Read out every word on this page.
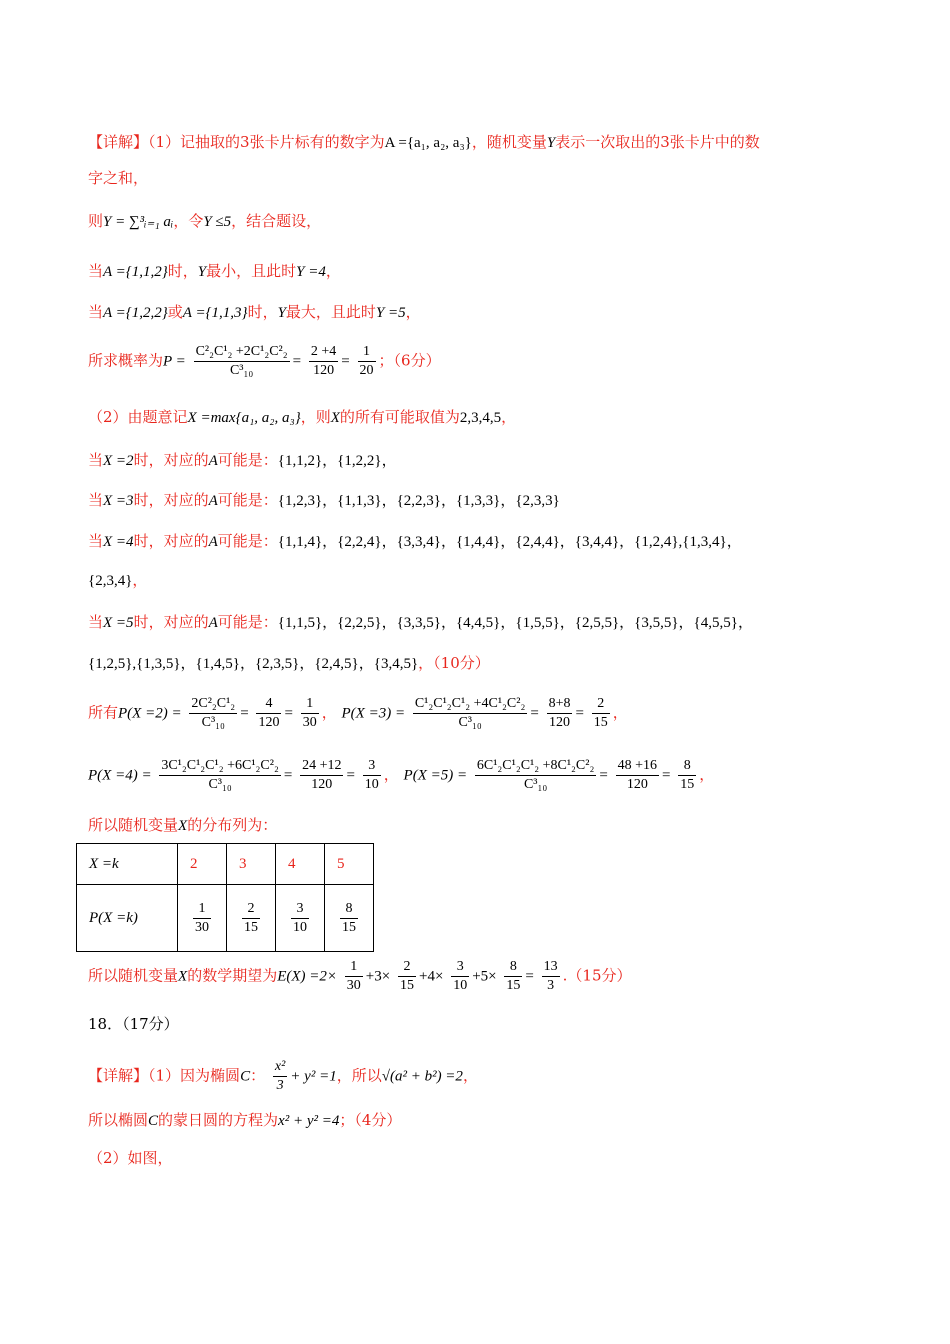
【详解】（1）记抽取的3张卡片标有的数字为A ={a₁, a₂, a₃}，随机变量Y表示一次取出的3张卡片中的数
字之和，
则Y = ∑³ᵢ₌₁ aᵢ，令Y ≤5，结合题设，
当A ={1,1,2}时，Y最小，且此时Y =4，
当A ={1,2,2}或A ={1,1,3}时，Y最大，且此时Y =5，
所求概率为$P = \frac{\text{C²₂C¹₂ +2C¹₂C²₂}}{\text{C³₁₀}} = \frac{2 +4}{120} = \frac{1}{20}$ ；（6分）
（2）由题意记X =max{a₁, a₂, a₃}，则X的所有可能取值为2,3,4,5，
当X =2时，对应的A可能是：{1,1,2}，{1,2,2}，
当X =3时，对应的A可能是：{1,2,3}，{1,1,3}，{2,2,3}，{1,3,3}，{2,3,3}
当X =4时，对应的A可能是：{1,1,4}，{2,2,4}，{3,3,4}，{1,4,4}，{2,4,4}，{3,4,4}，{1,2,4},{1,3,4}，
{2,3,4}，
当X =5时，对应的A可能是：{1,1,5}，{2,2,5}，{3,3,5}，{4,4,5}，{1,5,5}，{2,5,5}，{3,5,5}，{4,5,5}，
{1,2,5},{1,3,5}，{1,4,5}，{2,3,5}，{2,4,5}，{3,4,5}，（10分）
所有$P(X =2) = \frac{\text{2C²₂C¹₂}}{\text{C³₁₀}} = \frac{4}{120} = \frac{1}{30}$ ， $P(X =3) = \frac{\text{C¹₂C¹₂C¹₂ +4C¹₂C²₂}}{\text{C³₁₀}} = \frac{8+8}{120} = \frac{2}{15}$ ，
$P(X =4) = \frac{\text{3C¹₂C¹₂C¹₂ +6C¹₂C²₂}}{\text{C³₁₀}} = \frac{24 +12}{120} = \frac{3}{10}$ ， $P(X =5) = \frac{\text{6C¹₂C¹₂C¹₂ +8C¹₂C²₂}}{\text{C³₁₀}} = \frac{48 +16}{120} = \frac{8}{15}$ ，
所以随机变量X的分布列为：
X =k	2	3	4	5
P(X =k)	$\frac{1}{30}$	$\frac{2}{15}$	$\frac{3}{10}$	$\frac{8}{15}$
所以随机变量X的数学期望为$E(X) =2\times \frac{1}{30} +3\times \frac{2}{15} +4\times \frac{3}{10} +5\times \frac{8}{15} = \frac{13}{3} .(15$分）
18．（17分）
【详解】（1）因为椭圆C： $\frac{\text{x²}}{3} + y^2 =1$，所以√(a² + b²) =2，
所以椭圆C的蒙日圆的方程为x² + y² =4；（4分）
（2）如图，
